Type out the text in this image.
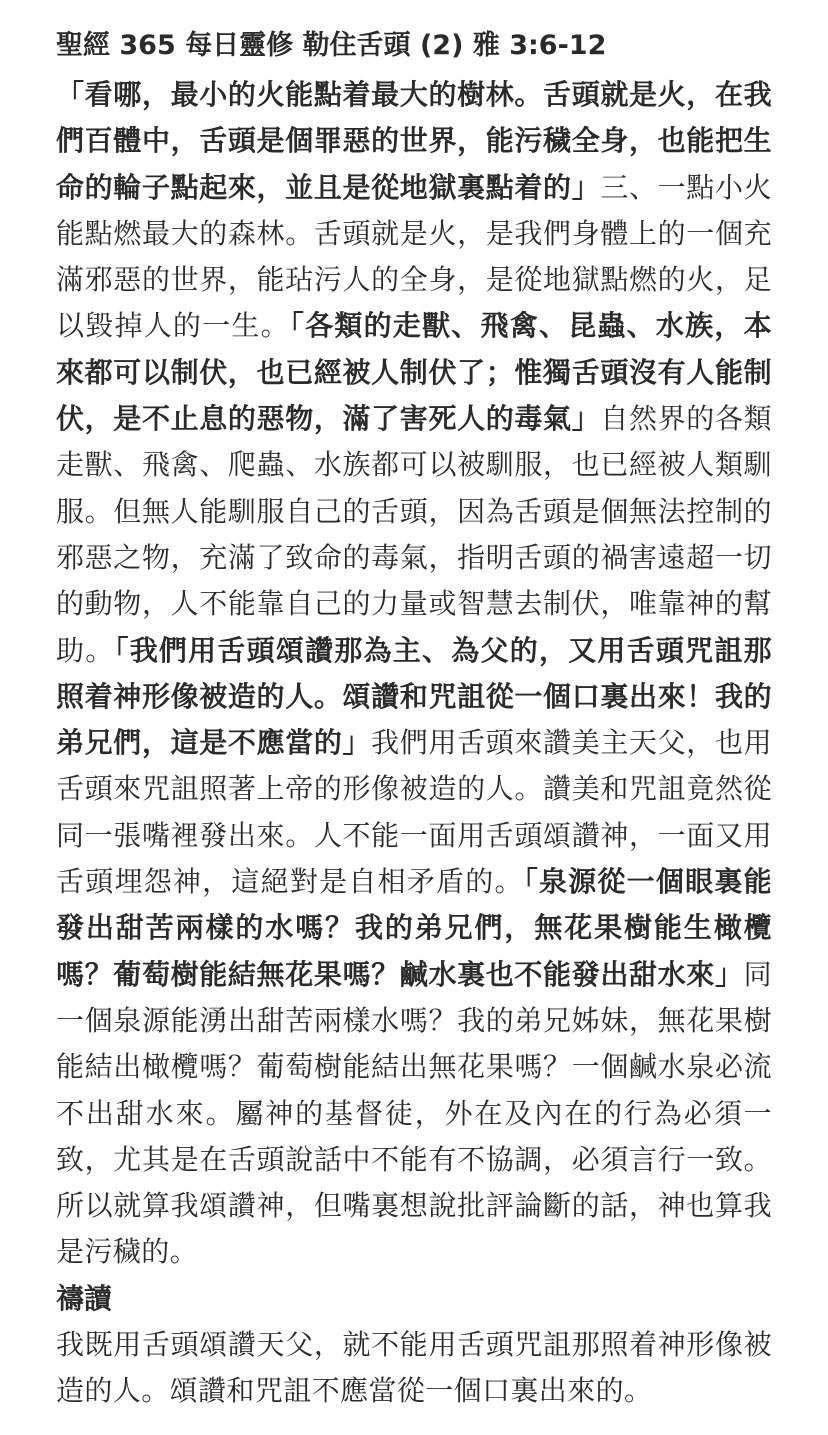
聖經 365 每日靈修 勒住舌頭 (2) 雅 3:6-12

「看哪，最小的火能點着最大的樹林。舌頭就是火，在我們百體中，舌頭是個罪惡的世界，能污穢全身，也能把生命的輪子點起來，並且是從地獄裏點着的」三、一點小火能點燃最大的森林。舌頭就是火，是我們身體上的一個充滿邪惡的世界，能玷污人的全身，是從地獄點燃的火，足以毀掉人的一生。「各類的走獸、飛禽、昆蟲、水族，本來都可以制伏，也已經被人制伏了；惟獨舌頭沒有人能制伏，是不止息的惡物，滿了害死人的毒氣」自然界的各類走獸、飛禽、爬蟲、水族都可以被馴服，也已經被人類馴服。但無人能馴服自己的舌頭，因為舌頭是個無法控制的邪惡之物，充滿了致命的毒氣，指明舌頭的禍害遠超一切的動物，人不能靠自己的力量或智慧去制伏，唯靠神的幫助。「我們用舌頭頌讚那為主、為父的，又用舌頭咒詛那照着神形像被造的人。頌讚和咒詛從一個口裏出來！我的弟兄們，這是不應當的」我們用舌頭來讚美主天父，也用舌頭來咒詛照著上帝的形像被造的人。讚美和咒詛竟然從同一張嘴裡發出來。人不能一面用舌頭頌讚神，一面又用舌頭埋怨神，這絕對是自相矛盾的。「泉源從一個眼裏能發出甜苦兩樣的水嗎？我的弟兄們，無花果樹能生橄欖嗎？葡萄樹能結無花果嗎？鹹水裏也不能發出甜水來」同一個泉源能湧出甜苦兩樣水嗎？我的弟兄姊妹，無花果樹能結出橄欖嗎？葡萄樹能結出無花果嗎？一個鹹水泉必流不出甜水來。屬神的基督徒，外在及內在的行為必須一致，尤其是在舌頭說話中不能有不協調，必須言行一致。所以就算我頌讚神，但嘴裏想說批評論斷的話，神也算我是污穢的。

禱讀

我既用舌頭頌讚天父，就不能用舌頭咒詛那照着神形像被造的人。頌讚和咒詛不應當從一個口裏出來的。
